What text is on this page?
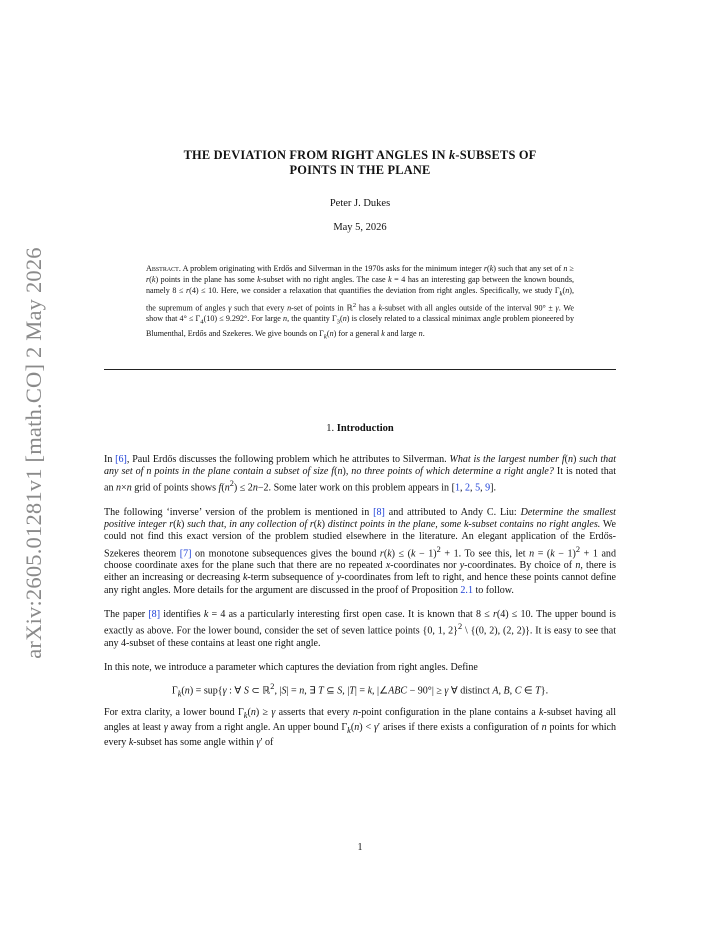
arXiv:2605.01281v1 [math.CO] 2 May 2026
THE DEVIATION FROM RIGHT ANGLES IN k-SUBSETS OF
POINTS IN THE PLANE
Peter J. Dukes
May 5, 2026
Abstract. A problem originating with Erdős and Silverman in the 1970s asks for the minimum integer r(k) such that any set of n ≥ r(k) points in the plane has some k-subset with no right angles. The case k = 4 has an interesting gap between the known bounds, namely 8 ≤ r(4) ≤ 10. Here, we consider a relaxation that quantifies the deviation from right angles. Specifically, we study $\Gamma_k(n)$, the supremum of angles γ such that every n-set of points in ℝ$^2$ has a k-subset with all angles outside of the interval 90° ± γ. We show that $4^\circ \le \Gamma_4(10) \le 9.292^\circ$. For large n, the quantity $\Gamma_3(n)$ is closely related to a classical minimax angle problem pioneered by Blumenthal, Erdős and Szekeres. We give bounds on $\Gamma_k(n)$ for a general k and large n.
1. Introduction

In [6], Paul Erdős discusses the following problem which he attributes to Silverman. What is the largest number f(n) such that any set of n points in the plane contain a subset of size f(n), no three points of which determine a right angle? It is noted that an n×n grid of points shows $f(n^2) \le 2n-2$. Some later work on this problem appears in [1, 2, 5, 9].

The following ‘inverse’ version of the problem is mentioned in [8] and attributed to Andy C. Liu: Determine the smallest positive integer r(k) such that, in any collection of r(k) distinct points in the plane, some k-subset contains no right angles. We could not find this exact version of the problem studied elsewhere in the literature. An elegant application of the Erdős-Szekeres theorem [7] on monotone subsequences gives the bound $r(k) \le (k - 1)^2 + 1$. To see this, let $n = (k - 1)^2 + 1$ and choose coordinate axes for the plane such that there are no repeated x-coordinates nor y-coordinates. By choice of n, there is either an increasing or decreasing k-term subsequence of y-coordinates from left to right, and hence these points cannot define any right angles. More details for the argument are discussed in the proof of Proposition 2.1 to follow.

The paper [8] identifies k = 4 as a particularly interesting first open case. It is known that 8 ≤ r(4) ≤ 10. The upper bound is exactly as above. For the lower bound, consider the set of seven lattice points {0, 1, 2}$^2$ \ {(0, 2), (2, 2)}. It is easy to see that any 4-subset of these contains at least one right angle.

In this note, we introduce a parameter which captures the deviation from right angles. Define

$\Gamma_k(n) = sup\{\gamma$ : ∀ S ⊂ ℝ$^2$, |S| = n, ∃ T ⊆ S, |T| = k, |∠ABC − 90°| ≥ γ ∀ distinct A, B, C ∈ T}.

For extra clarity, a lower bound $\Gamma_k(n) \ge \gamma$ asserts that every n-point configuration in the plane contains a k-subset having all angles at least γ away from a right angle. An upper bound $\Gamma_k(n) < \gamma'$ arises if there exists a configuration of n points for which every k-subset has some angle within γ′ of

1
